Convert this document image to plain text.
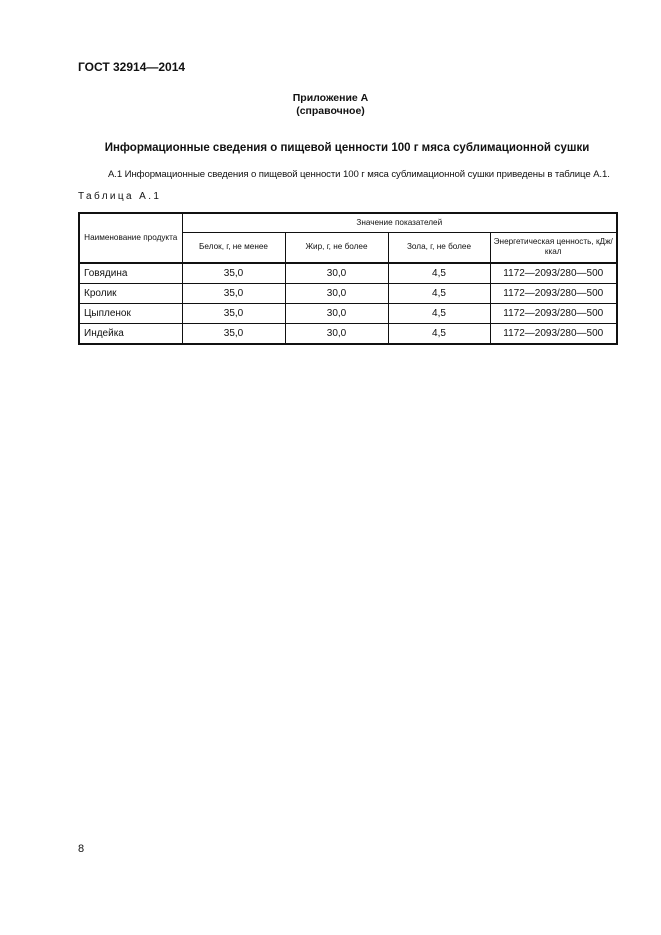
ГОСТ 32914—2014
Приложение А
(справочное)
Информационные сведения о пищевой ценности 100 г мяса сублимационной сушки
А.1 Информационные сведения о пищевой ценности 100 г мяса сублимационной сушки приведены в таблице А.1.
Таблица А.1
Наименование продукта	Значение показателей			
	Белок, г, не менее	Жир, г, не более	Зола, г, не более	Энергетическая ценность, кДж/ккал
Говядина	35,0	30,0	4,5	1172—2093/280—500
Кролик	35,0	30,0	4,5	1172—2093/280—500
Цыпленок	35,0	30,0	4,5	1172—2093/280—500
Индейка	35,0	30,0	4,5	1172—2093/280—500
8
